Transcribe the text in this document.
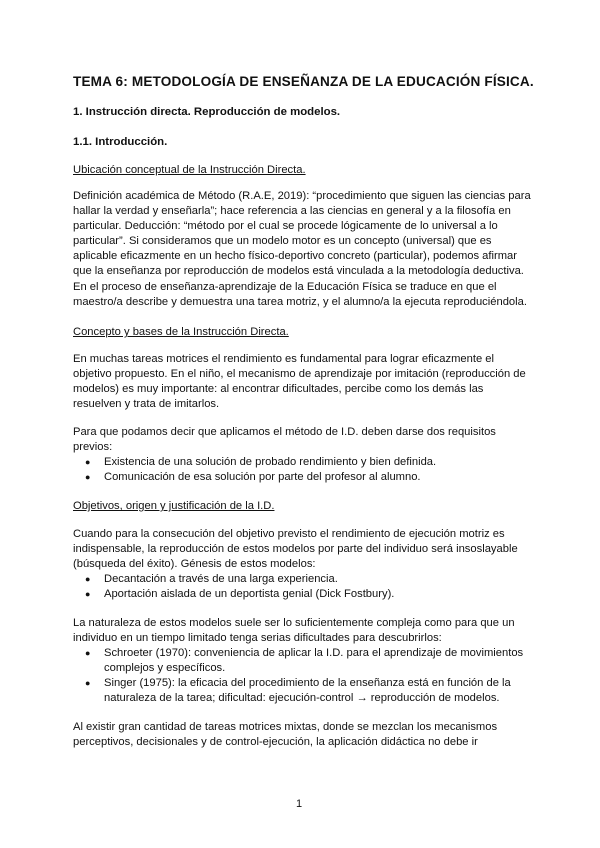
TEMA 6: METODOLOGÍA DE ENSEÑANZA DE LA EDUCACIÓN FÍSICA.
1. Instrucción directa. Reproducción de modelos.
1.1. Introducción.
Ubicación conceptual de la Instrucción Directa.
Definición académica de Método (R.A.E, 2019): “procedimiento que siguen las ciencias para
hallar la verdad y enseñarla”; hace referencia a las ciencias en general y a la filosofía en
particular. Deducción: “método por el cual se procede lógicamente de lo universal a lo
particular”. Si consideramos que un modelo motor es un concepto (universal) que es
aplicable eficazmente en un hecho físico-deportivo concreto (particular), podemos afirmar
que la enseñanza por reproducción de modelos está vinculada a la metodología deductiva.
En el proceso de enseñanza-aprendizaje de la Educación Física se traduce en que el
maestro/a describe y demuestra una tarea motriz, y el alumno/a la ejecuta reproduciéndola.
Concepto y bases de la Instrucción Directa.
En muchas tareas motrices el rendimiento es fundamental para lograr eficazmente el
objetivo propuesto. En el niño, el mecanismo de aprendizaje por imitación (reproducción de
modelos) es muy importante: al encontrar dificultades, percibe como los demás las
resuelven y trata de imitarlos.
Para que podamos decir que aplicamos el método de I.D. deben darse dos requisitos
previos:
● Existencia de una solución de probado rendimiento y bien definida.
● Comunicación de esa solución por parte del profesor al alumno.
Objetivos, origen y justificación de la I.D.
Cuando para la consecución del objetivo previsto el rendimiento de ejecución motriz es
indispensable, la reproducción de estos modelos por parte del individuo será insoslayable
(búsqueda del éxito). Génesis de estos modelos:
● Decantación a través de una larga experiencia.
● Aportación aislada de un deportista genial (Dick Fostbury).
La naturaleza de estos modelos suele ser lo suficientemente compleja como para que un
individuo en un tiempo limitado tenga serias dificultades para descubrirlos:
● Schroeter (1970): conveniencia de aplicar la I.D. para el aprendizaje de movimientos
complejos y específicos.
● Singer (1975): la eficacia del procedimiento de la enseñanza está en función de la
naturaleza de la tarea; dificultad: ejecución-control → reproducción de modelos.
Al existir gran cantidad de tareas motrices mixtas, donde se mezclan los mecanismos
perceptivos, decisionales y de control-ejecución, la aplicación didáctica no debe ir
1
